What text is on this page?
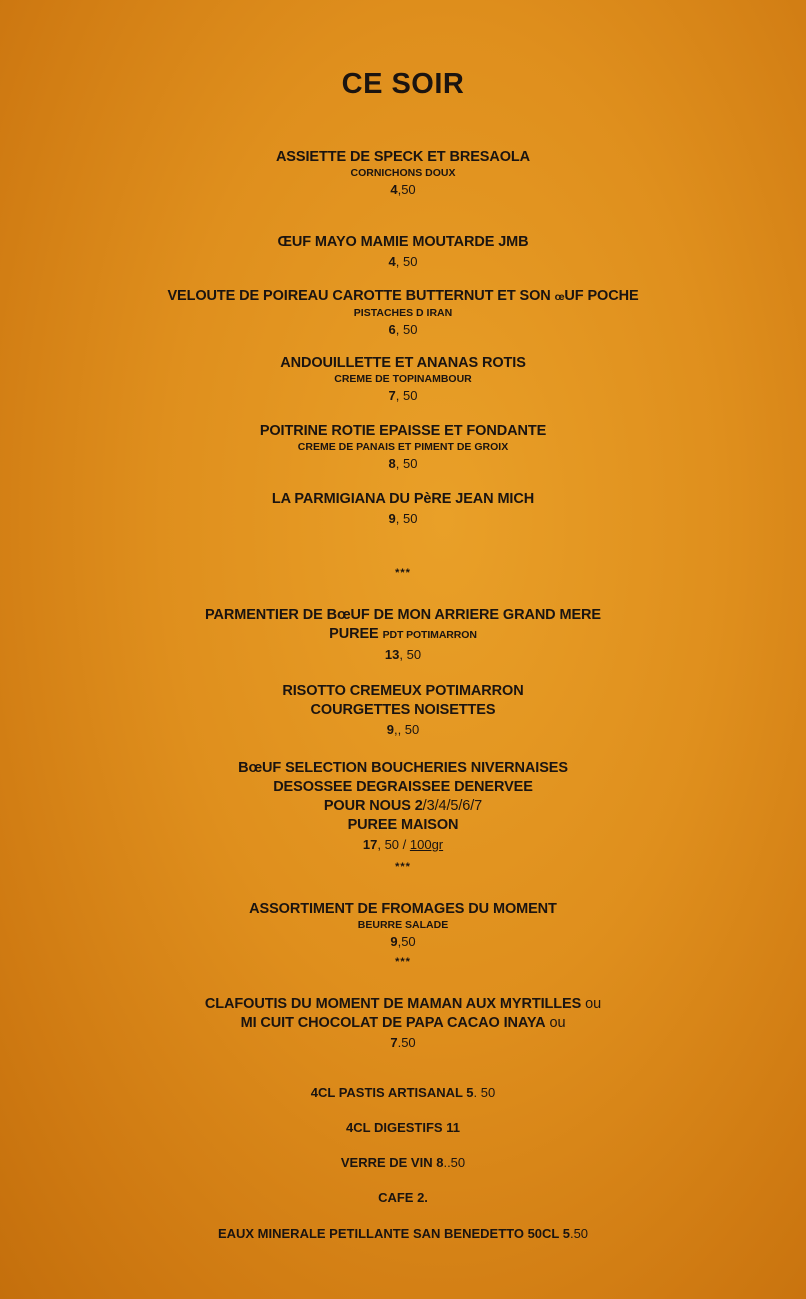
CE SOIR
ASSIETTE DE SPECK ET BRESAOLA
CORNICHONS DOUX
4,50
ŒUF MAYO MAMIE MOUTARDE JMB
4, 50
VELOUTE DE POIREAU CAROTTE BUTTERNUT ET SON œUF POCHE
PISTACHES D IRAN
6, 50
ANDOUILLETTE ET ANANAS ROTIS
CREME DE TOPINAMBOUR
7, 50
POITRINE ROTIE EPAISSE ET FONDANTE
CREME DE PANAIS ET PIMENT DE GROIX
8, 50
LA PARMIGIANA DU PèRE JEAN MICH
9, 50
***
PARMENTIER DE BœUF DE MON ARRIERE GRAND MERE
PUREE PDT POTIMARRON
13, 50
RISOTTO CREMEUX POTIMARRON
COURGETTES NOISETTES
9,, 50
BœUF SELECTION BOUCHERIES NIVERNAISES
DESOSSEE DEGRAISSEE DENERVEE
POUR NOUS 2/3/4/5/6/7
PUREE MAISON
17, 50 / 100gr
***
ASSORTIMENT DE FROMAGES DU MOMENT
BEURRE SALADE
9,50
***
CLAFOUTIS DU MOMENT DE MAMAN AUX MYRTILLES ou
MI CUIT CHOCOLAT DE PAPA CACAO INAYA ou
7.50
4CL PASTIS ARTISANAL 5. 50
4CL DIGESTIFS 11
VERRE DE VIN 8..50
CAFE 2.
EAUX MINERALE PETILLANTE SAN BENEDETTO 50CL 5.50
